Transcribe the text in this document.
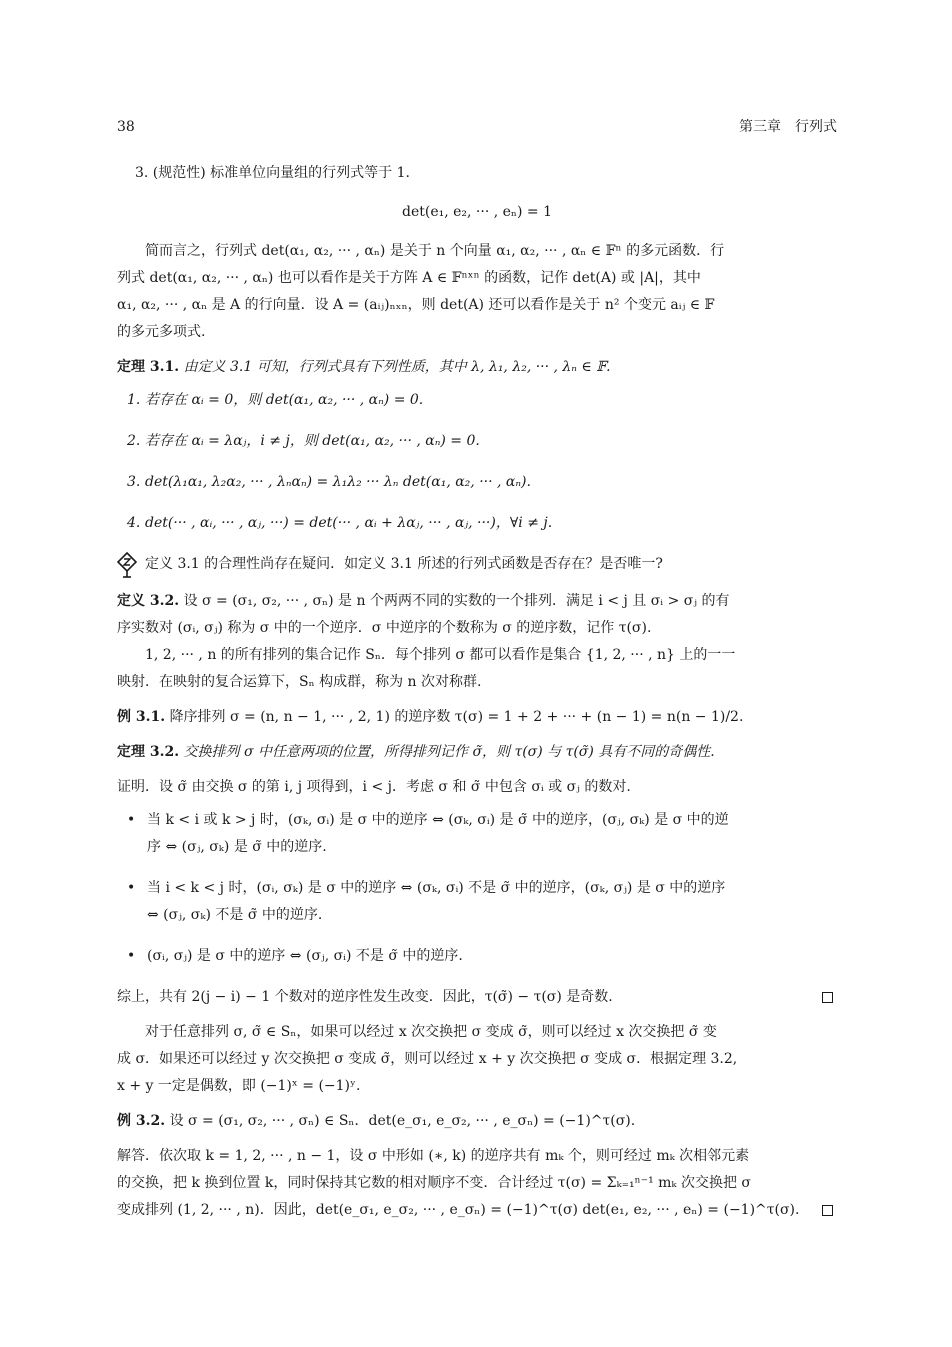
38	第三章　行列式

3. (规范性) 标准单位向量组的行列式等于 1.

det(e₁, e₂, ··· , eₙ) = 1

简而言之，行列式 det(α₁, α₂, ··· , αₙ) 是关于 n 个向量 α₁, α₂, ··· , αₙ ∈ 𝔽ⁿ 的多元函数．行

列式 det(α₁, α₂, ··· , αₙ) 也可以看作是关于方阵 A ∈ 𝔽ⁿˣⁿ 的函数，记作 det(A) 或 |A|，其中

α₁, α₂, ··· , αₙ 是 A 的行向量．设 A = (aᵢⱼ)ₙₓₙ，则 det(A) 还可以看作是关于 n² 个变元 aᵢⱼ ∈ 𝔽

的多元多项式.

定理 3.1. 由定义 3.1 可知，行列式具有下列性质，其中 λ, λ₁, λ₂, ··· , λₙ ∈ 𝔽.

1. 若存在 αᵢ = 0，则 det(α₁, α₂, ··· , αₙ) = 0.
2. 若存在 αᵢ = λαⱼ，i ≠ j，则 det(α₁, α₂, ··· , αₙ) = 0.
3. det(λ₁α₁, λ₂α₂, ··· , λₙαₙ) = λ₁λ₂ ··· λₙ det(α₁, α₂, ··· , αₙ).
4. det(··· , αᵢ, ··· , αⱼ, ···) = det(··· , αᵢ + λαⱼ, ··· , αⱼ, ···)，∀i ≠ j.
定义 3.1 的合理性尚存在疑问．如定义 3.1 所述的行列式函数是否存在？是否唯一?

定义 3.2. 设 σ = (σ₁, σ₂, ··· , σₙ) 是 n 个两两不同的实数的一个排列．满足 i < j 且 σᵢ > σⱼ 的有

序实数对 (σᵢ, σⱼ) 称为 σ 中的一个逆序．σ 中逆序的个数称为 σ 的逆序数，记作 τ(σ).

1, 2, ··· , n 的所有排列的集合记作 Sₙ．每个排列 σ 都可以看作是集合 {1, 2, ··· , n} 上的一一

映射．在映射的复合运算下，Sₙ 构成群，称为 n 次对称群.

例 3.1. 降序排列 σ = (n, n − 1, ··· , 2, 1) 的逆序数 τ(σ) = 1 + 2 + ··· + (n − 1) = n(n − 1)/2.

定理 3.2. 交换排列 σ 中任意两项的位置，所得排列记作 σ̃，则 τ(σ) 与 τ(σ̃) 具有不同的奇偶性.

证明．设 σ̃ 由交换 σ 的第 i, j 项得到，i < j．考虑 σ 和 σ̃ 中包含 σᵢ 或 σⱼ 的数对.

• 当 k < i 或 k > j 时，(σₖ, σᵢ) 是 σ 中的逆序 ⇔ (σₖ, σᵢ) 是 σ̃ 中的逆序，(σⱼ, σₖ) 是 σ 中的逆
序 ⇔ (σⱼ, σₖ) 是 σ̃ 中的逆序.
• 当 i < k < j 时，(σᵢ, σₖ) 是 σ 中的逆序 ⇔ (σₖ, σᵢ) 不是 σ̃ 中的逆序，(σₖ, σⱼ) 是 σ 中的逆序
⇔ (σⱼ, σₖ) 不是 σ̃ 中的逆序.
• (σᵢ, σⱼ) 是 σ 中的逆序 ⇔ (σⱼ, σᵢ) 不是 σ̃ 中的逆序.
综上，共有 2(j − i) − 1 个数对的逆序性发生改变．因此，τ(σ̃) − τ(σ) 是奇数.

对于任意排列 σ, σ̃ ∈ Sₙ，如果可以经过 x 次交换把 σ 变成 σ̃，则可以经过 x 次交换把 σ̃ 变

成 σ．如果还可以经过 y 次交换把 σ 变成 σ̃，则可以经过 x + y 次交换把 σ 变成 σ．根据定理 3.2,

x + y 一定是偶数，即 (−1)ˣ = (−1)ʸ.

例 3.2. 设 σ = (σ₁, σ₂, ··· , σₙ) ∈ Sₙ．det(e_σ₁, e_σ₂, ··· , e_σₙ) = (−1)^τ(σ).

解答．依次取 k = 1, 2, ··· , n − 1，设 σ 中形如 (∗, k) 的逆序共有 mₖ 个，则可经过 mₖ 次相邻元素

的交换，把 k 换到位置 k，同时保持其它数的相对顺序不变．合计经过 τ(σ) = Σₖ₌₁ⁿ⁻¹ mₖ 次交换把 σ

变成排列 (1, 2, ··· , n)．因此，det(e_σ₁, e_σ₂, ··· , e_σₙ) = (−1)^τ(σ) det(e₁, e₂, ··· , eₙ) = (−1)^τ(σ).
